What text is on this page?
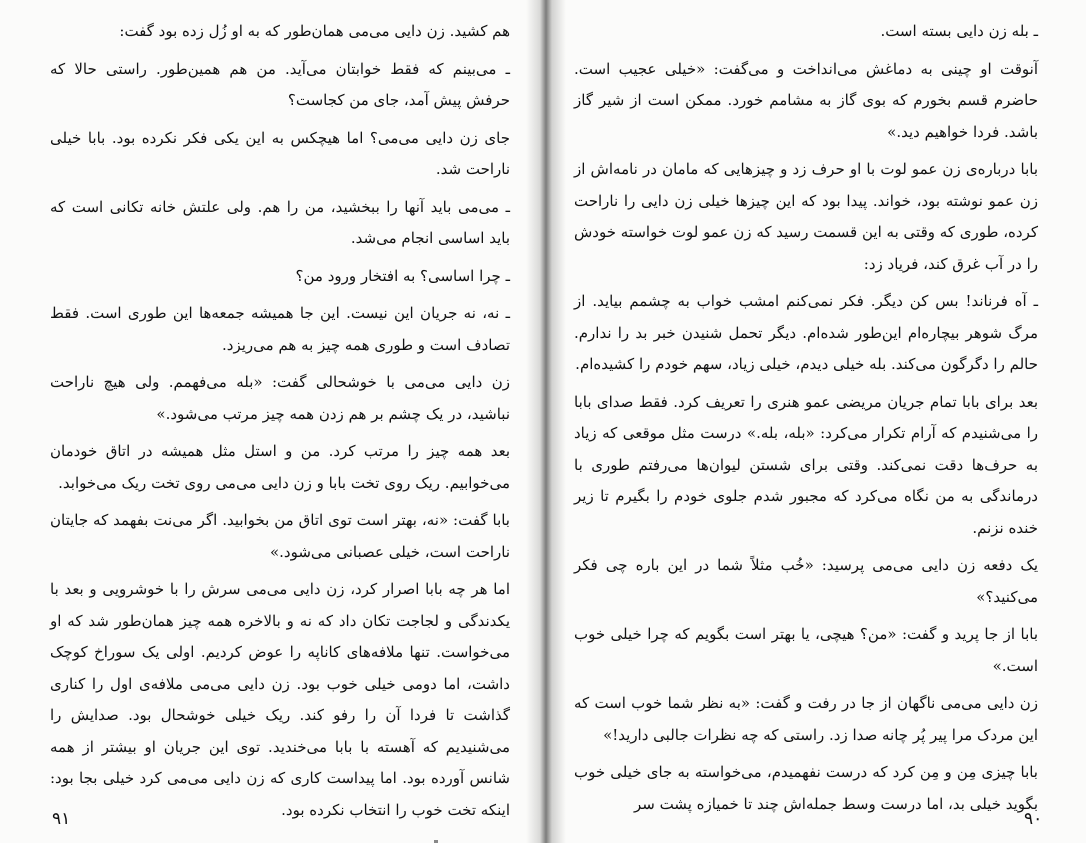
هم کشید. زن دایی می‌می همان‌طور که به او زُل زده بود گفت:

ـ می‌بینم که فقط خوابتان می‌آید. من هم همین‌طور. راستی حالا که حرفش پیش آمد، جای من کجاست؟

جای زن دایی می‌می؟ اما هیچکس به این یکی فکر نکرده بود. بابا خیلی ناراحت شد.

ـ می‌می باید آنها را ببخشید، من را هم. ولی علتش خانه تکانی است که باید اساسی انجام می‌شد.

ـ چرا اساسی؟ به افتخار ورود من؟

ـ نه، نه جریان این نیست. این جا همیشه جمعه‌ها این طوری است. فقط تصادف است و طوری همه چیز به هم می‌ریزد.

زن دایی می‌می با خوشحالی گفت: «بله می‌فهمم. ولی هیچ ناراحت نباشید، در یک چشم بر هم زدن همه چیز مرتب می‌شود.»

بعد همه چیز را مرتب کرد. من و استل مثل همیشه در اتاق خودمان می‌خوابیم. ریک روی تخت بابا و زن دایی می‌می روی تخت ریک می‌خوابد.

بابا گفت: «نه، بهتر است توی اتاق من بخوابید. اگر می‌نت بفهمد که جایتان ناراحت است، خیلی عصبانی می‌شود.»

اما هر چه بابا اصرار کرد، زن دایی می‌می سرش را با خوشرویی و بعد با یکدندگی و لجاجت تکان داد که نه و بالاخره همه چیز همان‌طور شد که او می‌خواست. تنها ملافه‌های کاناپه را عوض کردیم. اولی یک سوراخ کوچک داشت، اما دومی خیلی خوب بود. زن دایی می‌می ملافه‌ی اول را کناری گذاشت تا فردا آن را رفو کند. ریک خیلی خوشحال بود. صدایش را می‌شنیدیم که آهسته با بابا می‌خندید. توی این جریان او بیشتر از همه شانس آورده بود. اما پیداست کاری که زن دایی می‌می کرد خیلی بجا بود: اینکه تخت خوب را انتخاب نکرده بود.

ـ بله زن دایی بسته است.

آنوقت او چینی به دماغش می‌انداخت و می‌گفت: «خیلی عجیب است. حاضرم قسم بخورم که بوی گاز به مشامم خورد. ممکن است از شیر گاز باشد. فردا خواهیم دید.»

بابا درباره‌ی زن عمو لوت با او حرف زد و چیزهایی که مامان در نامه‌اش از زن عمو نوشته بود، خواند. پیدا بود که این چیزها خیلی زن دایی را ناراحت کرده، طوری که وقتی به این قسمت رسید که زن عمو لوت خواسته خودش را در آب غرق کند، فریاد زد:

ـ آه فرناند! بس کن دیگر. فکر نمی‌کنم امشب خواب به چشمم بیاید. از مرگ شوهر بیچاره‌ام این‌طور شده‌ام. دیگر تحمل شنیدن خبر بد را ندارم. حالم را دگرگون می‌کند. بله خیلی دیدم، خیلی زیاد، سهم خودم را کشیده‌ام.

بعد برای بابا تمام جریان مریضی عمو هنری را تعریف کرد. فقط صدای بابا را می‌شنیدم که آرام تکرار می‌کرد: «بله، بله.» درست مثل موقعی که زیاد به حرف‌ها دقت نمی‌کند. وقتی برای شستن لیوان‌ها می‌رفتم طوری با درماندگی به من نگاه می‌کرد که مجبور شدم جلوی خودم را بگیرم تا زیر خنده نزنم.

یک دفعه زن دایی می‌می پرسید: «خُب مثلاً شما در این باره چی فکر می‌کنید؟»

بابا از جا پرید و گفت: «من؟ هیچی، یا بهتر است بگویم که چرا خیلی خوب است.»

زن دایی می‌می ناگهان از جا در رفت و گفت: «به نظر شما خوب است که این مردک مرا پیر پُر چانه صدا زد. راستی که چه نظرات جالبی دارید!»

بابا چیزی مِن و مِن کرد که درست نفهمیدم، می‌خواسته به جای خیلی خوب بگوید خیلی بد، اما درست وسط جمله‌اش چند تا خمیازه پشت سر

۹۱	۹۰
